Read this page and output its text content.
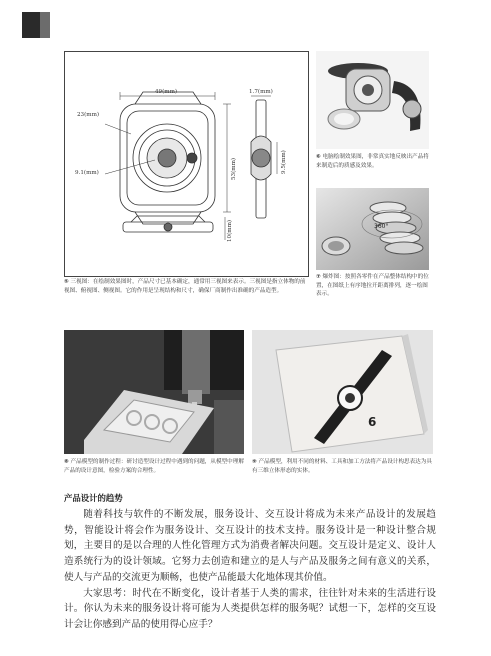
49(mm)	1.7(mm)
23(mm)
9.1(mm)	53(mm)	9.5(mm)
10(mm)
⑤ 三视图：在绘制效果图时，产品尺寸已基本确定，通常用三视图来表示。三视图是指立体物的前视图、俯视图、侧视图。它的作用是呈现结构和尺寸，确保厂商制作出准确的产品造型。
⑥ 电脑绘制效果图，非常真实地反映出产品将来制造后的质感及效果。
360°
⑦ 爆炸图：按照各零件在产品整体结构中的位置，在图纸上有序地拉开距离排列，逐一绘图表示。
⑧ 产品模型的制作过程：研讨造型设计过程中遇到的问题，从模型中理解产品的设计意图，检验方案的合理性。
6
⑨ 产品模型，利用不同的材料、工具和加工方法将产品设计构思表达为具有三维立体形态的实体。
产品设计的趋势

随着科技与软件的不断发展，服务设计、交互设计将成为未来产品设计的发展趋势，智能设计将会作为服务设计、交互设计的技术支持。服务设计是一种设计整合规划，主要目的是以合理的人性化管理方式为消费者解决问题。交互设计是定义、设计人造系统行为的设计领域。它努力去创造和建立的是人与产品及服务之间有意义的关系，使人与产品的交流更为顺畅，也使产品能最大化地体现其价值。

大家思考：时代在不断变化，设计者基于人类的需求，往往针对未来的生活进行设计。你认为未来的服务设计将可能为人类提供怎样的服务呢？试想一下，怎样的交互设计会让你感到产品的使用得心应手？
